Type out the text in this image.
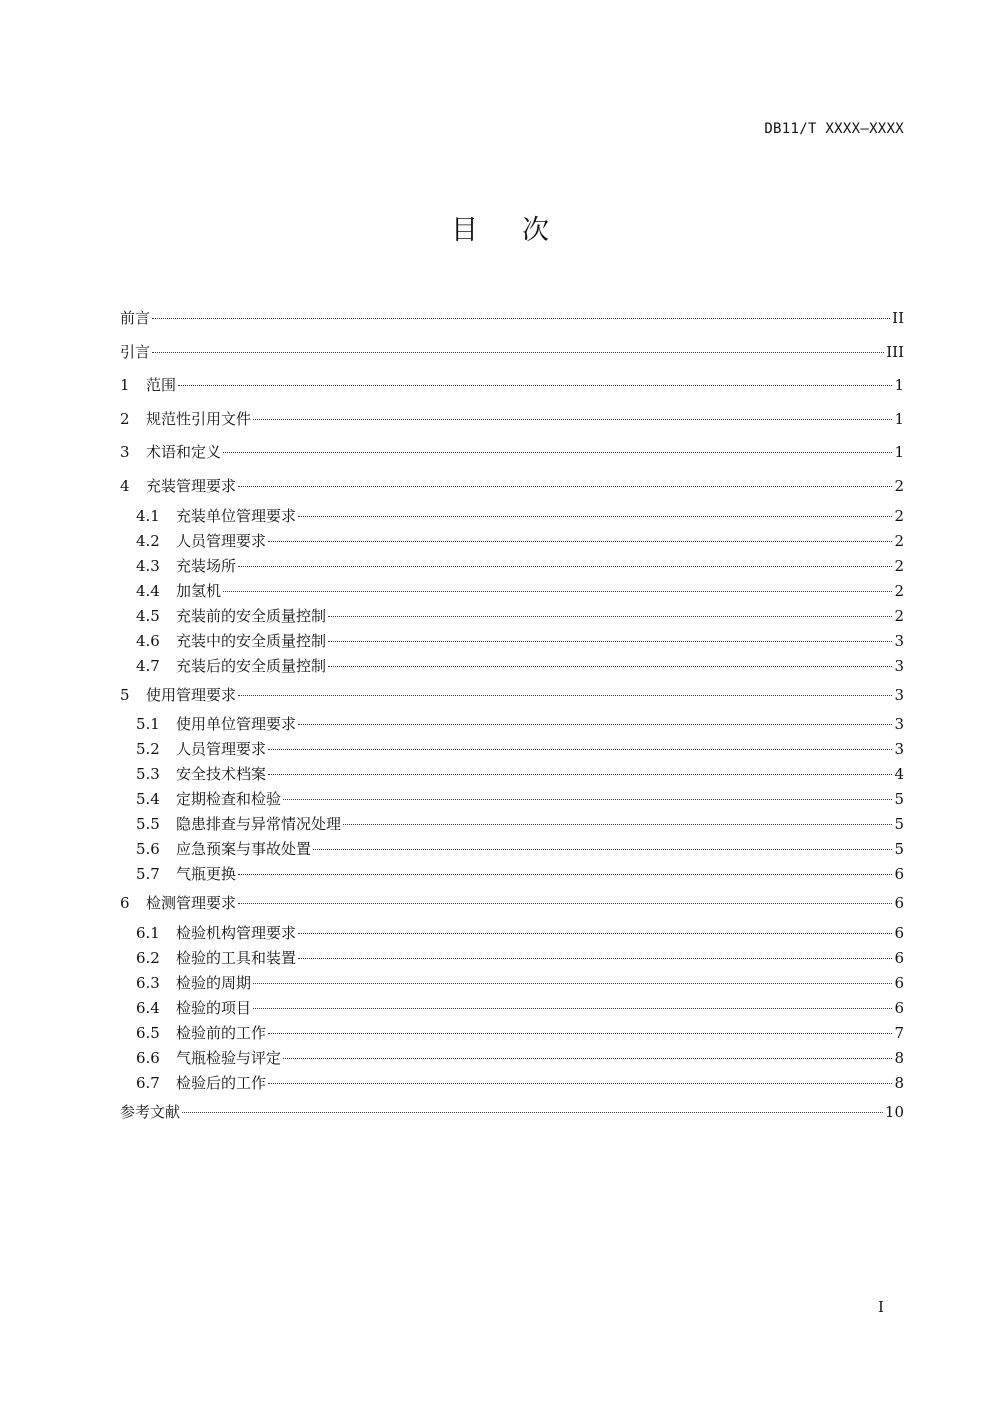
DB11/T XXXX—XXXX
目 次
前言	II
引言	III
1	范围	1
2	规范性引用文件	1
3	术语和定义	1
4	充装管理要求	2
4.1	充装单位管理要求	2
4.2	人员管理要求	2
4.3	充装场所	2
4.4	加氢机	2
4.5	充装前的安全质量控制	2
4.6	充装中的安全质量控制	3
4.7	充装后的安全质量控制	3
5	使用管理要求	3
5.1	使用单位管理要求	3
5.2	人员管理要求	3
5.3	安全技术档案	4
5.4	定期检查和检验	5
5.5	隐患排查与异常情况处理	5
5.6	应急预案与事故处置	5
5.7	气瓶更换	6
6	检测管理要求	6
6.1	检验机构管理要求	6
6.2	检验的工具和装置	6
6.3	检验的周期	6
6.4	检验的项目	6
6.5	检验前的工作	7
6.6	气瓶检验与评定	8
6.7	检验后的工作	8
参考文献	10
I
